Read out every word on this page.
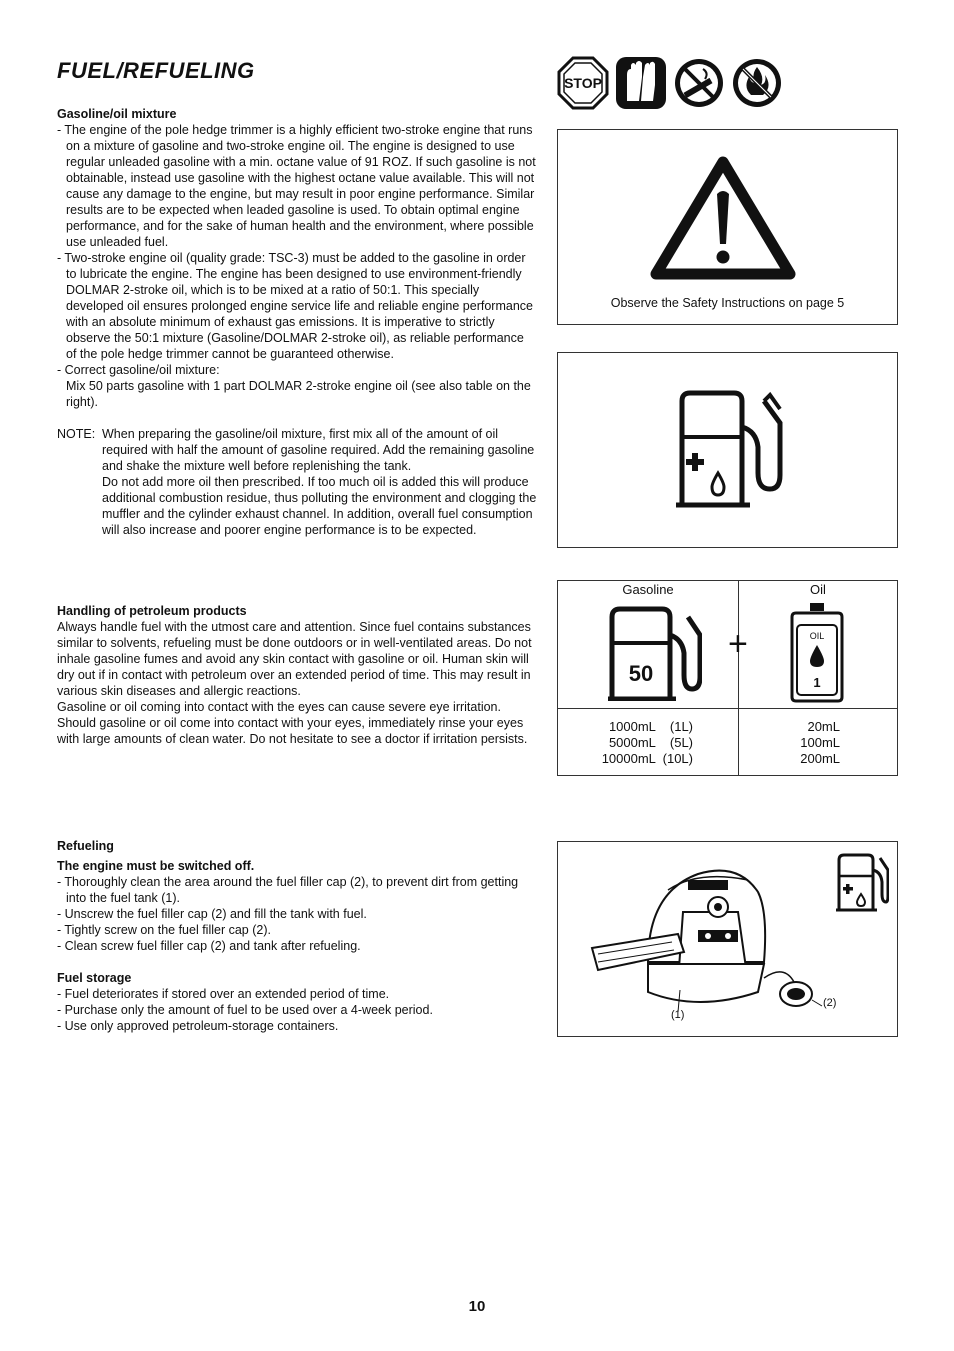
FUEL/REFUELING
Gasoline/oil mixture
- The engine of the pole hedge trimmer is a highly efficient two-stroke engine that runs on a mixture of gasoline and two-stroke engine oil. The engine is designed to use regular unleaded gasoline with a min. octane value of 91 ROZ. If such gasoline is not obtainable, instead use gasoline with the highest octane value available. This will not cause any damage to the engine, but may result in poor engine performance. Similar results are to be expected when leaded gasoline is used. To obtain optimal engine performance, and for the sake of human health and the environment, where possible use unleaded fuel.
- Two-stroke engine oil (quality grade: TSC-3) must be added to the gasoline in order to lubricate the engine. The engine has been designed to use environment-friendly DOLMAR 2-stroke oil, which is to be mixed at a ratio of 50:1. This specially developed oil ensures prolonged engine service life and reliable engine performance with an absolute minimum of exhaust gas emissions. It is imperative to strictly observe the 50:1 mixture (Gasoline/DOLMAR 2-stroke oil), as reliable performance of the pole hedge trimmer cannot be guaranteed otherwise.
- Correct gasoline/oil mixture:
Mix 50 parts gasoline with 1 part DOLMAR 2-stroke engine oil (see also table on the right).
NOTE: When preparing the gasoline/oil mixture, first mix all of the amount of oil required with half the amount of gasoline required. Add the remaining gasoline and shake the mixture well before replenishing the tank.
Do not add more oil then prescribed. If too much oil is added this will produce additional combustion residue, thus polluting the environment and clogging the muffler and the cylinder exhaust channel. In addition, overall fuel consumption will also increase and poorer engine performance is to be expected.
Handling of petroleum products
Always handle fuel with the utmost care and attention. Since fuel contains substances similar to solvents, refueling must be done outdoors or in well-ventilated areas. Do not inhale gasoline fumes and avoid any skin contact with gasoline or oil. Human skin will dry out if in contact with petroleum over an extended period of time. This may result in various skin diseases and allergic reactions.
Gasoline or oil coming into contact with the eyes can cause severe eye irritation. Should gasoline or oil come into contact with your eyes, immediately rinse your eyes with large amounts of clean water. Do not hesitate to see a doctor if irritation persists.
Refueling
The engine must be switched off.
- Thoroughly clean the area around the fuel filler cap (2), to prevent dirt from getting into the fuel tank (1).
- Unscrew the fuel filler cap (2) and fill the tank with fuel.
- Tightly screw on the fuel filler cap (2).
- Clean screw fuel filler cap (2) and tank after refueling.
Fuel storage
- Fuel deteriorates if stored over an extended period of time.
- Purchase only the amount of fuel to be used over a 4-week period.
- Use only approved petroleum-storage containers.
STOP
Observe the Safety Instructions on page 5
Gasoline	Oil
50
+	OIL
1
1000mL    (1L)
5000mL    (5L)
10000mL  (10L)
20mL
100mL
200mL
(1)
(2)
10
